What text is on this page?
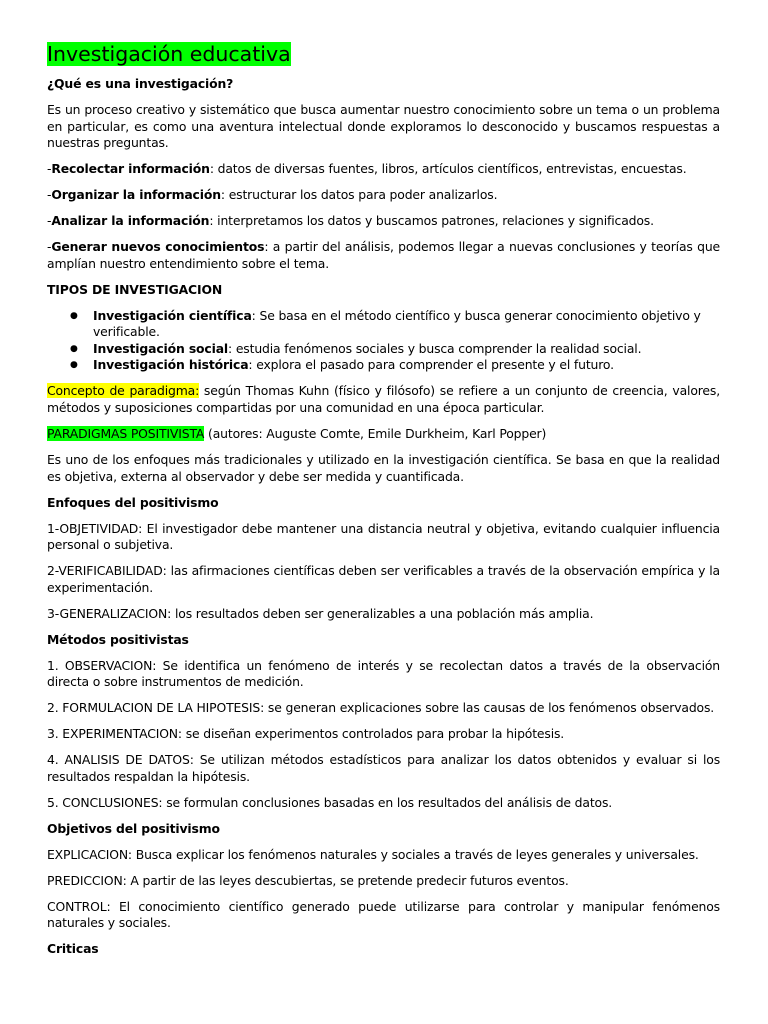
Investigación educativa

¿Qué es una investigación?

Es un proceso creativo y sistemático que busca aumentar nuestro conocimiento sobre un tema o un problema en particular, es como una aventura intelectual donde exploramos lo desconocido y buscamos respuestas a nuestras preguntas.

-Recolectar información: datos de diversas fuentes, libros, artículos científicos, entrevistas, encuestas.

-Organizar la información: estructurar los datos para poder analizarlos.

-Analizar la información: interpretamos los datos y buscamos patrones, relaciones y significados.

-Generar nuevos conocimientos: a partir del análisis, podemos llegar a nuevas conclusiones y teorías que amplían nuestro entendimiento sobre el tema.

TIPOS DE INVESTIGACION

● Investigación científica: Se basa en el método científico y busca generar conocimiento objetivo y verificable.
● Investigación social: estudia fenómenos sociales y busca comprender la realidad social.
● Investigación histórica: explora el pasado para comprender el presente y el futuro.

Concepto de paradigma: según Thomas Kuhn (físico y filósofo) se refiere a un conjunto de creencia, valores, métodos y suposiciones compartidas por una comunidad en una época particular.

PARADIGMAS POSITIVISTA (autores: Auguste Comte, Emile Durkheim, Karl Popper)

Es uno de los enfoques más tradicionales y utilizado en la investigación científica. Se basa en que la realidad es objetiva, externa al observador y debe ser medida y cuantificada.

Enfoques del positivismo

1-OBJETIVIDAD: El investigador debe mantener una distancia neutral y objetiva, evitando cualquier influencia personal o subjetiva.

2-VERIFICABILIDAD: las afirmaciones científicas deben ser verificables a través de la observación empírica y la experimentación.

3-GENERALIZACION: los resultados deben ser generalizables a una población más amplia.

Métodos positivistas

1. OBSERVACION: Se identifica un fenómeno de interés y se recolectan datos a través de la observación directa o sobre instrumentos de medición.

2. FORMULACION DE LA HIPOTESIS: se generan explicaciones sobre las causas de los fenómenos observados.

3. EXPERIMENTACION: se diseñan experimentos controlados para probar la hipótesis.

4. ANALISIS DE DATOS: Se utilizan métodos estadísticos para analizar los datos obtenidos y evaluar si los resultados respaldan la hipótesis.

5. CONCLUSIONES: se formulan conclusiones basadas en los resultados del análisis de datos.

Objetivos del positivismo

EXPLICACION: Busca explicar los fenómenos naturales y sociales a través de leyes generales y universales.

PREDICCION: A partir de las leyes descubiertas, se pretende predecir futuros eventos.

CONTROL: El conocimiento científico generado puede utilizarse para controlar y manipular fenómenos naturales y sociales.

Criticas
